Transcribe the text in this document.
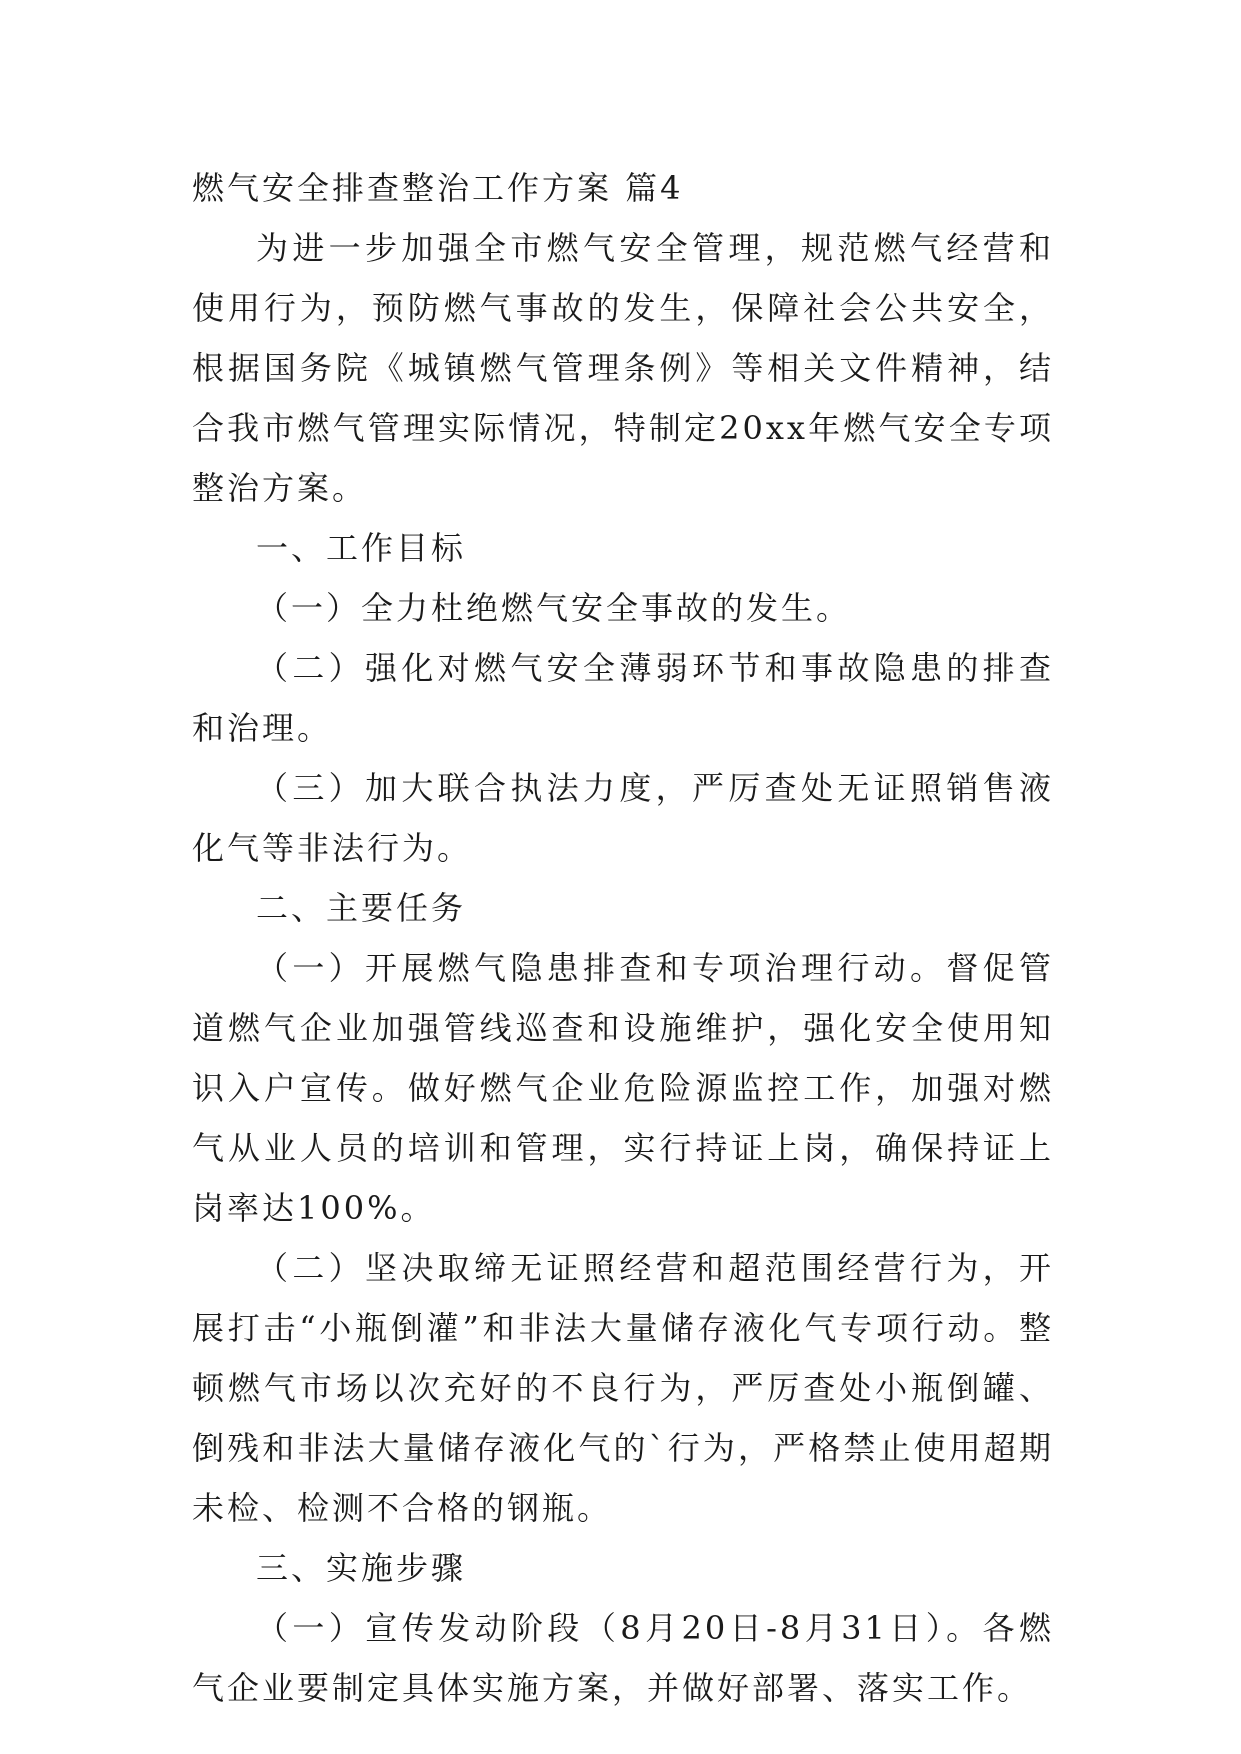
燃气安全排查整治工作方案 篇4

为进一步加强全市燃气安全管理，规范燃气经营和使用行为，预防燃气事故的发生，保障社会公共安全，根据国务院《城镇燃气管理条例》等相关文件精神，结合我市燃气管理实际情况，特制定20xx年燃气安全专项整治方案。

一、工作目标

（一）全力杜绝燃气安全事故的发生。

（二）强化对燃气安全薄弱环节和事故隐患的排查和治理。

（三）加大联合执法力度，严厉查处无证照销售液化气等非法行为。

二、主要任务

（一）开展燃气隐患排查和专项治理行动。督促管道燃气企业加强管线巡查和设施维护，强化安全使用知识入户宣传。做好燃气企业危险源监控工作，加强对燃气从业人员的培训和管理，实行持证上岗，确保持证上岗率达100%。

（二）坚决取缔无证照经营和超范围经营行为，开展打击“小瓶倒灌”和非法大量储存液化气专项行动。整顿燃气市场以次充好的不良行为，严厉查处小瓶倒罐、倒残和非法大量储存液化气的`行为，严格禁止使用超期未检、检测不合格的钢瓶。

三、实施步骤

（一）宣传发动阶段（8月20日-8月31日）。各燃气企业要制定具体实施方案，并做好部署、落实工作。
